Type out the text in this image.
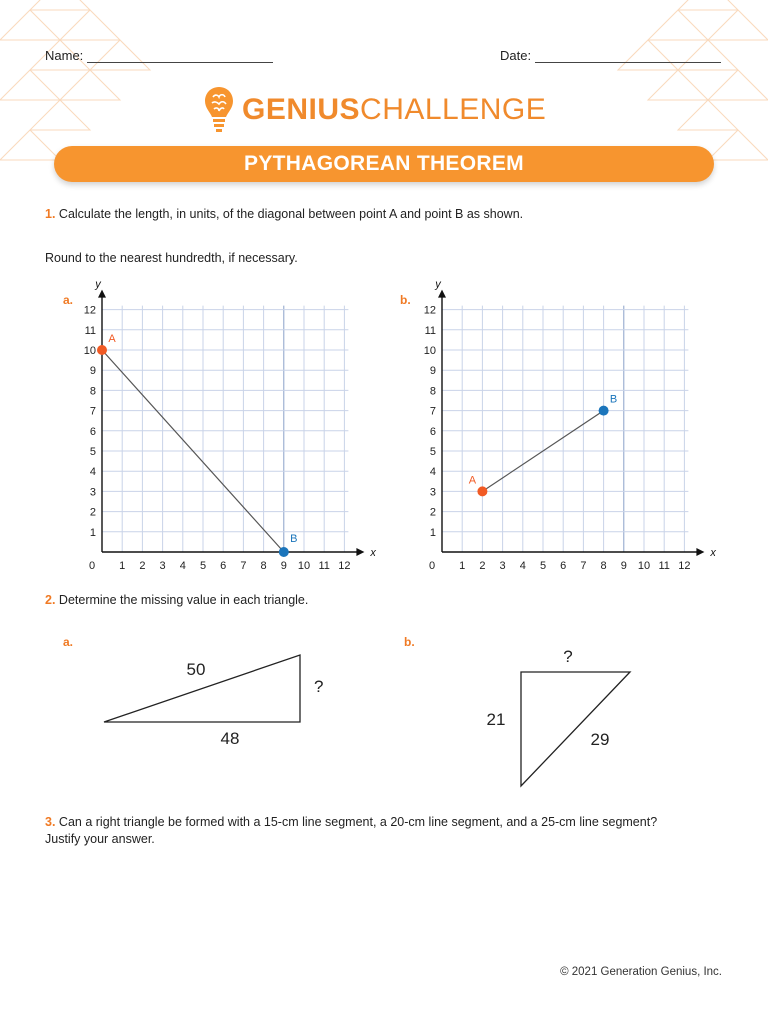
Name:	Date:
GENIUSCHALLENGE
PYTHAGOREAN THEOREM
1. Calculate the length, in units, of the diagonal between point A and point B as shown.
Round to the nearest hundredth, if necessary.
a.	b.
x
y
0 1 2 3 4 5 6 7 8 9 10 11 12
1
2
3
4
5
6
7
8
9
10
11
12
A
B
x
y
0 1 2 3 4 5 6 7 8 9 10 11 12
1
2
3
4
5
6
7
8
9
10
11
12
A
B
2. Determine the missing value in each triangle.
a.	b.
50
?
48
?
21
29
3. Can a right triangle be formed with a 15-cm line segment, a 20-cm line segment, and a 25-cm line segment? Justify your answer.
© 2021 Generation Genius, Inc.
